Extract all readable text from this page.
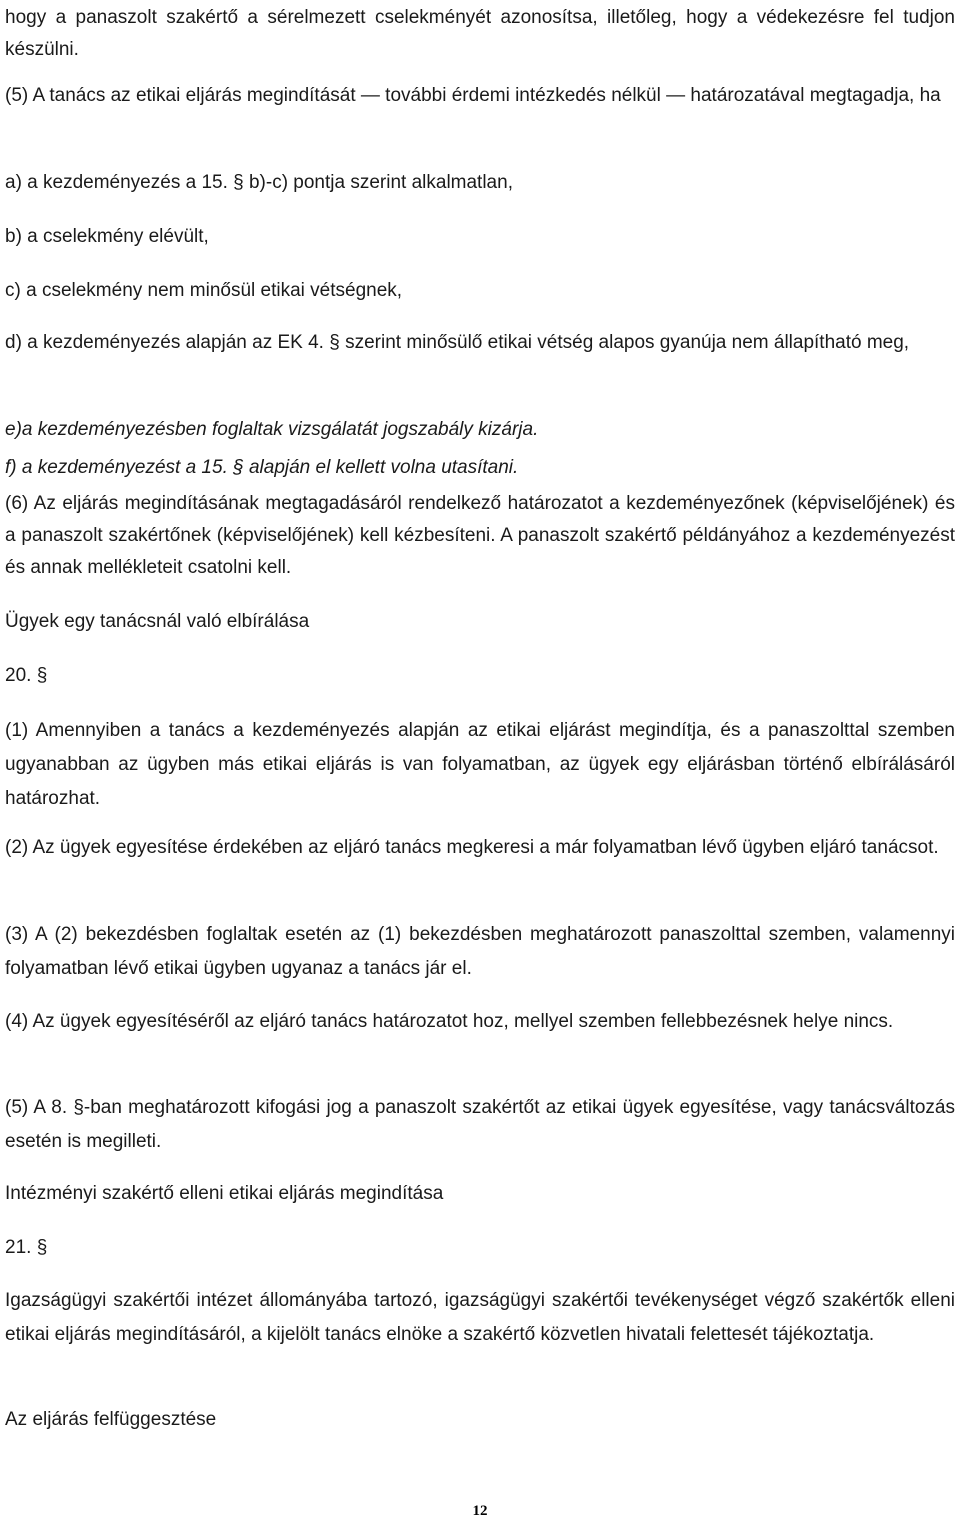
hogy a panaszolt szakértő a sérelmezett cselekményét azonosítsa, illetőleg, hogy a védekezésre fel tudjon készülni.

(5) A tanács az etikai eljárás megindítását — további érdemi intézkedés nélkül — határozatával megtagadja, ha

a) a kezdeményezés a 15. § b)-c) pontja szerint alkalmatlan,

b) a cselekmény elévült,

c) a cselekmény nem minősül etikai vétségnek,

d) a kezdeményezés alapján az EK 4. § szerint minősülő etikai vétség alapos gyanúja nem állapítható meg,

e)a kezdeményezésben foglaltak vizsgálatát jogszabály kizárja.

f) a kezdeményezést a 15. § alapján el kellett volna utasítani.

(6) Az eljárás megindításának megtagadásáról rendelkező határozatot a kezdeményezőnek (képviselőjének) és a panaszolt szakértőnek (képviselőjének) kell kézbesíteni. A panaszolt szakértő példányához a kezdeményezést és annak mellékleteit csatolni kell.

Ügyek egy tanácsnál való elbírálása

20. §

(1) Amennyiben a tanács a kezdeményezés alapján az etikai eljárást megindítja, és a panaszolttal szemben ugyanabban az ügyben más etikai eljárás is van folyamatban, az ügyek egy eljárásban történő elbírálásáról határozhat.

(2) Az ügyek egyesítése érdekében az eljáró tanács megkeresi a már folyamatban lévő ügyben eljáró tanácsot.

(3) A (2) bekezdésben foglaltak esetén az (1) bekezdésben meghatározott panaszolttal szemben, valamennyi folyamatban lévő etikai ügyben ugyanaz a tanács jár el.

(4) Az ügyek egyesítéséről az eljáró tanács határozatot hoz, mellyel szemben fellebbezésnek helye nincs.

(5) A 8. §-ban meghatározott kifogási jog a panaszolt szakértőt az etikai ügyek egyesítése, vagy tanácsváltozás esetén is megilleti.

Intézményi szakértő elleni etikai eljárás megindítása

21. §

Igazságügyi szakértői intézet állományába tartozó, igazságügyi szakértői tevékenységet végző szakértők elleni etikai eljárás megindításáról, a kijelölt tanács elnöke a szakértő közvetlen hivatali felettesét tájékoztatja.

Az eljárás felfüggesztése

12
